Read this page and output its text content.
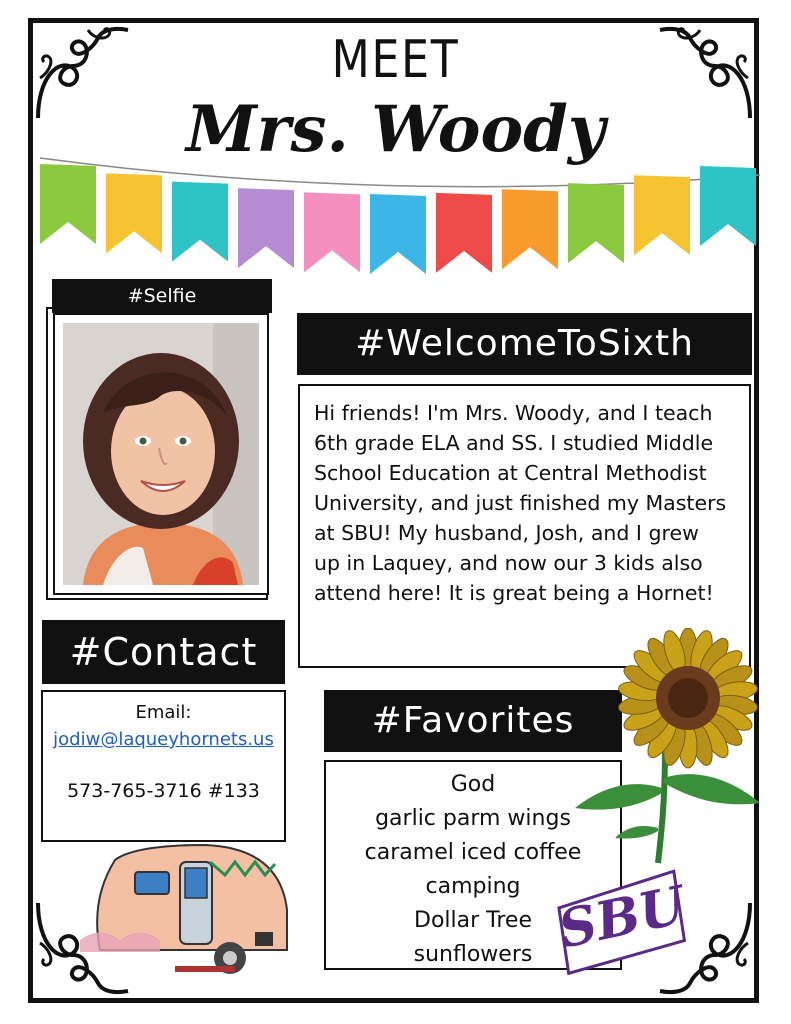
MEET
Mrs. Woody
#Selfie
#WelcomeToSixth
Hi friends! I'm Mrs. Woody, and I teach
6th grade ELA and SS. I studied Middle
School Education at Central Methodist
University, and just finished my Masters
at SBU! My husband, Josh, and I grew
up in Laquey, and now our 3 kids also
attend here! It is great being a Hornet!
#Contact
Email:
jodiw@laqueyhornets.us
573-765-3716 #133
#Favorites
God
garlic parm wings
caramel iced coffee
camping
Dollar Tree
sunflowers SBU
